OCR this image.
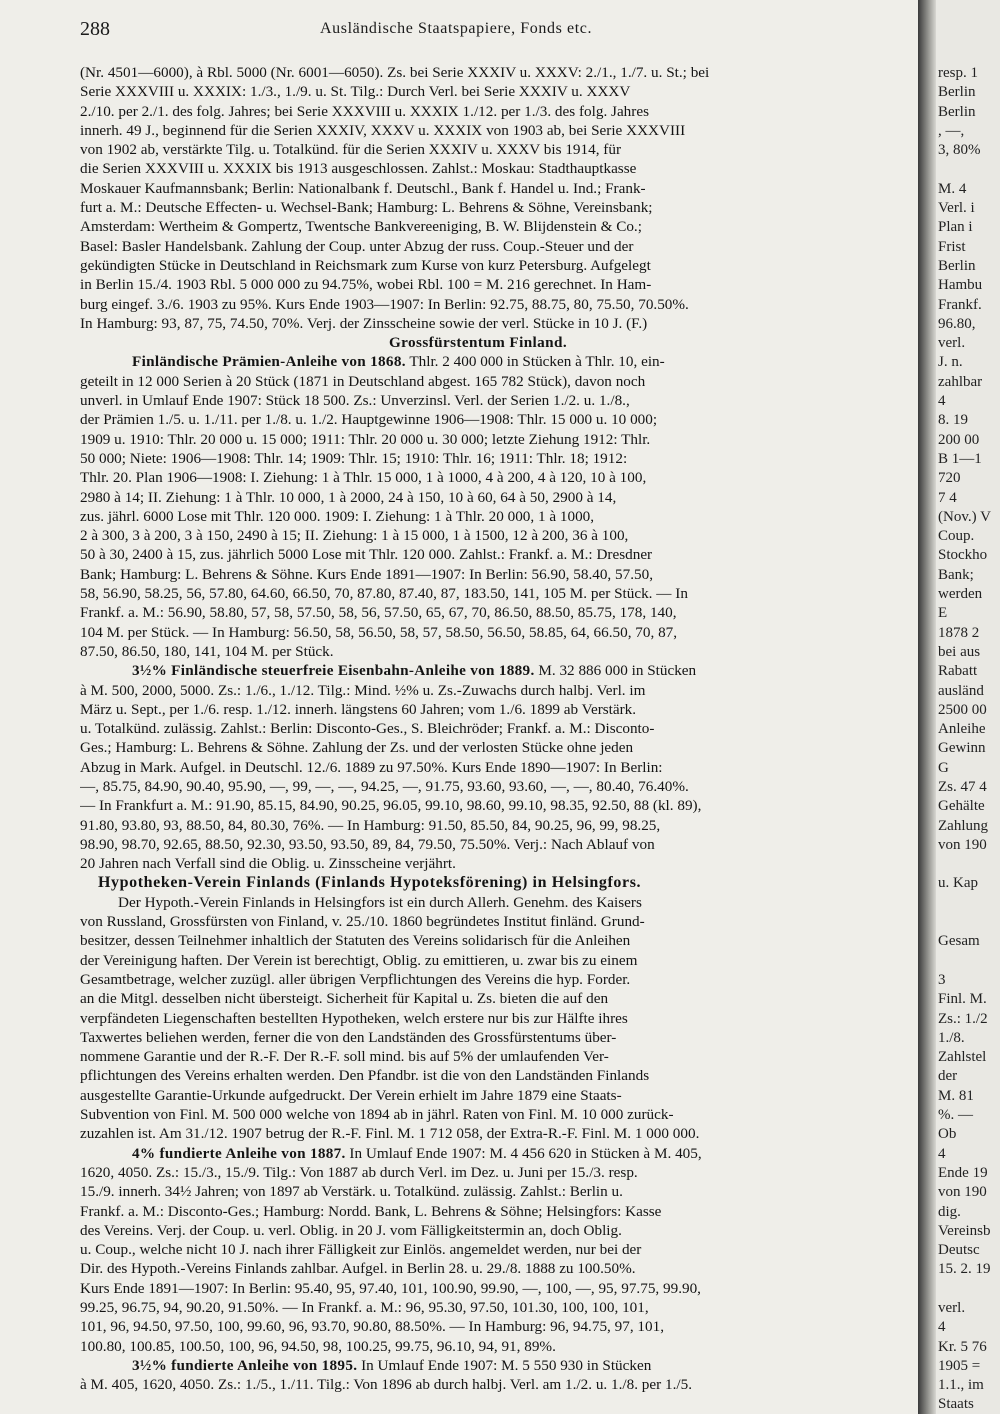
288	Ausländische Staatspapiere, Fonds etc.
(Nr. 4501—6000), à Rbl. 5000 (Nr. 6001—6050). Zs. bei Serie XXXIV u. XXXV: 2./1., 1./7. u. St.; bei
Serie XXXVIII u. XXXIX: 1./3., 1./9. u. St. Tilg.: Durch Verl. bei Serie XXXIV u. XXXV
2./10. per 2./1. des folg. Jahres; bei Serie XXXVIII u. XXXIX 1./12. per 1./3. des folg. Jahres
innerh. 49 J., beginnend für die Serien XXXIV, XXXV u. XXXIX von 1903 ab, bei Serie XXXVIII
von 1902 ab, verstärkte Tilg. u. Totalkünd. für die Serien XXXIV u. XXXV bis 1914, für
die Serien XXXVIII u. XXXIX bis 1913 ausgeschlossen. Zahlst.: Moskau: Stadthauptkasse
Moskauer Kaufmannsbank; Berlin: Nationalbank f. Deutschl., Bank f. Handel u. Ind.; Frank-
furt a. M.: Deutsche Effecten- u. Wechsel-Bank; Hamburg: L. Behrens & Söhne, Vereinsbank;
Amsterdam: Wertheim & Gompertz, Twentsche Bankvereeniging, B. W. Blijdenstein & Co.;
Basel: Basler Handelsbank. Zahlung der Coup. unter Abzug der russ. Coup.-Steuer und der
gekündigten Stücke in Deutschland in Reichsmark zum Kurse von kurz Petersburg. Aufgelegt
in Berlin 15./4. 1903 Rbl. 5 000 000 zu 94.75%, wobei Rbl. 100 = M. 216 gerechnet. In Ham-
burg eingef. 3./6. 1903 zu 95%. Kurs Ende 1903—1907: In Berlin: 92.75, 88.75, 80, 75.50, 70.50%.
In Hamburg: 93, 87, 75, 74.50, 70%. Verj. der Zinsscheine sowie der verl. Stücke in 10 J. (F.)
Grossfürstentum Finland.
Finländische Prämien-Anleihe von 1868. Thlr. 2 400 000 in Stücken à Thlr. 10, ein-
geteilt in 12 000 Serien à 20 Stück (1871 in Deutschland abgest. 165 782 Stück), davon noch
unverl. in Umlauf Ende 1907: Stück 18 500. Zs.: Unverzinsl. Verl. der Serien 1./2. u. 1./8.,
der Prämien 1./5. u. 1./11. per 1./8. u. 1./2. Hauptgewinne 1906—1908: Thlr. 15 000 u. 10 000;
1909 u. 1910: Thlr. 20 000 u. 15 000; 1911: Thlr. 20 000 u. 30 000; letzte Ziehung 1912: Thlr.
50 000; Niete: 1906—1908: Thlr. 14; 1909: Thlr. 15; 1910: Thlr. 16; 1911: Thlr. 18; 1912:
Thlr. 20. Plan 1906—1908: I. Ziehung: 1 à Thlr. 15 000, 1 à 1000, 4 à 200, 4 à 120, 10 à 100,
2980 à 14; II. Ziehung: 1 à Thlr. 10 000, 1 à 2000, 24 à 150, 10 à 60, 64 à 50, 2900 à 14,
zus. jährl. 6000 Lose mit Thlr. 120 000. 1909: I. Ziehung: 1 à Thlr. 20 000, 1 à 1000,
2 à 300, 3 à 200, 3 à 150, 2490 à 15; II. Ziehung: 1 à 15 000, 1 à 1500, 12 à 200, 36 à 100,
50 à 30, 2400 à 15, zus. jährlich 5000 Lose mit Thlr. 120 000. Zahlst.: Frankf. a. M.: Dresdner
Bank; Hamburg: L. Behrens & Söhne. Kurs Ende 1891—1907: In Berlin: 56.90, 58.40, 57.50,
58, 56.90, 58.25, 56, 57.80, 64.60, 66.50, 70, 87.80, 87.40, 87, 183.50, 141, 105 M. per Stück. — In
Frankf. a. M.: 56.90, 58.80, 57, 58, 57.50, 58, 56, 57.50, 65, 67, 70, 86.50, 88.50, 85.75, 178, 140,
104 M. per Stück. — In Hamburg: 56.50, 58, 56.50, 58, 57, 58.50, 56.50, 58.85, 64, 66.50, 70, 87,
87.50, 86.50, 180, 141, 104 M. per Stück.
3½% Finländische steuerfreie Eisenbahn-Anleihe von 1889. M. 32 886 000 in Stücken
à M. 500, 2000, 5000. Zs.: 1./6., 1./12. Tilg.: Mind. ½% u. Zs.-Zuwachs durch halbj. Verl. im
März u. Sept., per 1./6. resp. 1./12. innerh. längstens 60 Jahren; vom 1./6. 1899 ab Verstärk.
u. Totalkünd. zulässig. Zahlst.: Berlin: Disconto-Ges., S. Bleichröder; Frankf. a. M.: Disconto-
Ges.; Hamburg: L. Behrens & Söhne. Zahlung der Zs. und der verlosten Stücke ohne jeden
Abzug in Mark. Aufgel. in Deutschl. 12./6. 1889 zu 97.50%. Kurs Ende 1890—1907: In Berlin:
—, 85.75, 84.90, 90.40, 95.90, —, 99, —, —, 94.25, —, 91.75, 93.60, 93.60, —, —, 80.40, 76.40%.
— In Frankfurt a. M.: 91.90, 85.15, 84.90, 90.25, 96.05, 99.10, 98.60, 99.10, 98.35, 92.50, 88 (kl. 89),
91.80, 93.80, 93, 88.50, 84, 80.30, 76%. — In Hamburg: 91.50, 85.50, 84, 90.25, 96, 99, 98.25,
98.90, 98.70, 92.65, 88.50, 92.30, 93.50, 93.50, 89, 84, 79.50, 75.50%. Verj.: Nach Ablauf von
20 Jahren nach Verfall sind die Oblig. u. Zinsscheine verjährt.
Hypotheken-Verein Finlands (Finlands Hypoteksförening) in Helsingfors.
Der Hypoth.-Verein Finlands in Helsingfors ist ein durch Allerh. Genehm. des Kaisers
von Russland, Grossfürsten von Finland, v. 25./10. 1860 begründetes Institut finländ. Grund-
besitzer, dessen Teilnehmer inhaltlich der Statuten des Vereins solidarisch für die Anleihen
der Vereinigung haften. Der Verein ist berechtigt, Oblig. zu emittieren, u. zwar bis zu einem
Gesamtbetrage, welcher zuzügl. aller übrigen Verpflichtungen des Vereins die hyp. Forder.
an die Mitgl. desselben nicht übersteigt. Sicherheit für Kapital u. Zs. bieten die auf den
verpfändeten Liegenschaften bestellten Hypotheken, welch erstere nur bis zur Hälfte ihres
Taxwertes beliehen werden, ferner die von den Landständen des Grossfürstentums über-
nommene Garantie und der R.-F. Der R.-F. soll mind. bis auf 5% der umlaufenden Ver-
pflichtungen des Vereins erhalten werden. Den Pfandbr. ist die von den Landständen Finlands
ausgestellte Garantie-Urkunde aufgedruckt. Der Verein erhielt im Jahre 1879 eine Staats-
Subvention von Finl. M. 500 000 welche von 1894 ab in jährl. Raten von Finl. M. 10 000 zurück-
zuzahlen ist. Am 31./12. 1907 betrug der R.-F. Finl. M. 1 712 058, der Extra-R.-F. Finl. M. 1 000 000.
4% fundierte Anleihe von 1887. In Umlauf Ende 1907: M. 4 456 620 in Stücken à M. 405,
1620, 4050. Zs.: 15./3., 15./9. Tilg.: Von 1887 ab durch Verl. im Dez. u. Juni per 15./3. resp.
15./9. innerh. 34½ Jahren; von 1897 ab Verstärk. u. Totalkünd. zulässig. Zahlst.: Berlin u.
Frankf. a. M.: Disconto-Ges.; Hamburg: Nordd. Bank, L. Behrens & Söhne; Helsingfors: Kasse
des Vereins. Verj. der Coup. u. verl. Oblig. in 20 J. vom Fälligkeitstermin an, doch Oblig.
u. Coup., welche nicht 10 J. nach ihrer Fälligkeit zur Einlös. angemeldet werden, nur bei der
Dir. des Hypoth.-Vereins Finlands zahlbar. Aufgel. in Berlin 28. u. 29./8. 1888 zu 100.50%.
Kurs Ende 1891—1907: In Berlin: 95.40, 95, 97.40, 101, 100.90, 99.90, —, 100, —, 95, 97.75, 99.90,
99.25, 96.75, 94, 90.20, 91.50%. — In Frankf. a. M.: 96, 95.30, 97.50, 101.30, 100, 100, 101,
101, 96, 94.50, 97.50, 100, 99.60, 96, 93.70, 90.80, 88.50%. — In Hamburg: 96, 94.75, 97, 101,
100.80, 100.85, 100.50, 100, 96, 94.50, 98, 100.25, 99.75, 96.10, 94, 91, 89%.
3½% fundierte Anleihe von 1895. In Umlauf Ende 1907: M. 5 550 930 in Stücken
à M. 405, 1620, 4050. Zs.: 1./5., 1./11. Tilg.: Von 1896 ab durch halbj. Verl. am 1./2. u. 1./8. per 1./5.
resp. 1
Berlin
Berlin
, —,
3, 80%

M. 4
Verl. i
Plan i
Frist
Berlin
Hambu
Frankf.
96.80,
verl.
J. n.
zahlbar
4
8. 19
200 00
B 1—1
720
7 4
(Nov.) V
Coup.
Stockho
Bank;
werden
E
1878 2
bei aus
Rabatt
ausländ
2500 00
Anleihe
Gewinn
G
Zs. 47 4
Gehälte
Zahlung
von 190

u. Kap

Gesam

3
Finl. M.
Zs.: 1./2
1./8.
Zahlstel
der
M. 81
%. —
Ob
4
Ende 19
von 190
dig.
Vereinsb
Deutsc
15. 2. 19

verl.
4
Kr. 5 76
1905 =
1.1., im
Staats
